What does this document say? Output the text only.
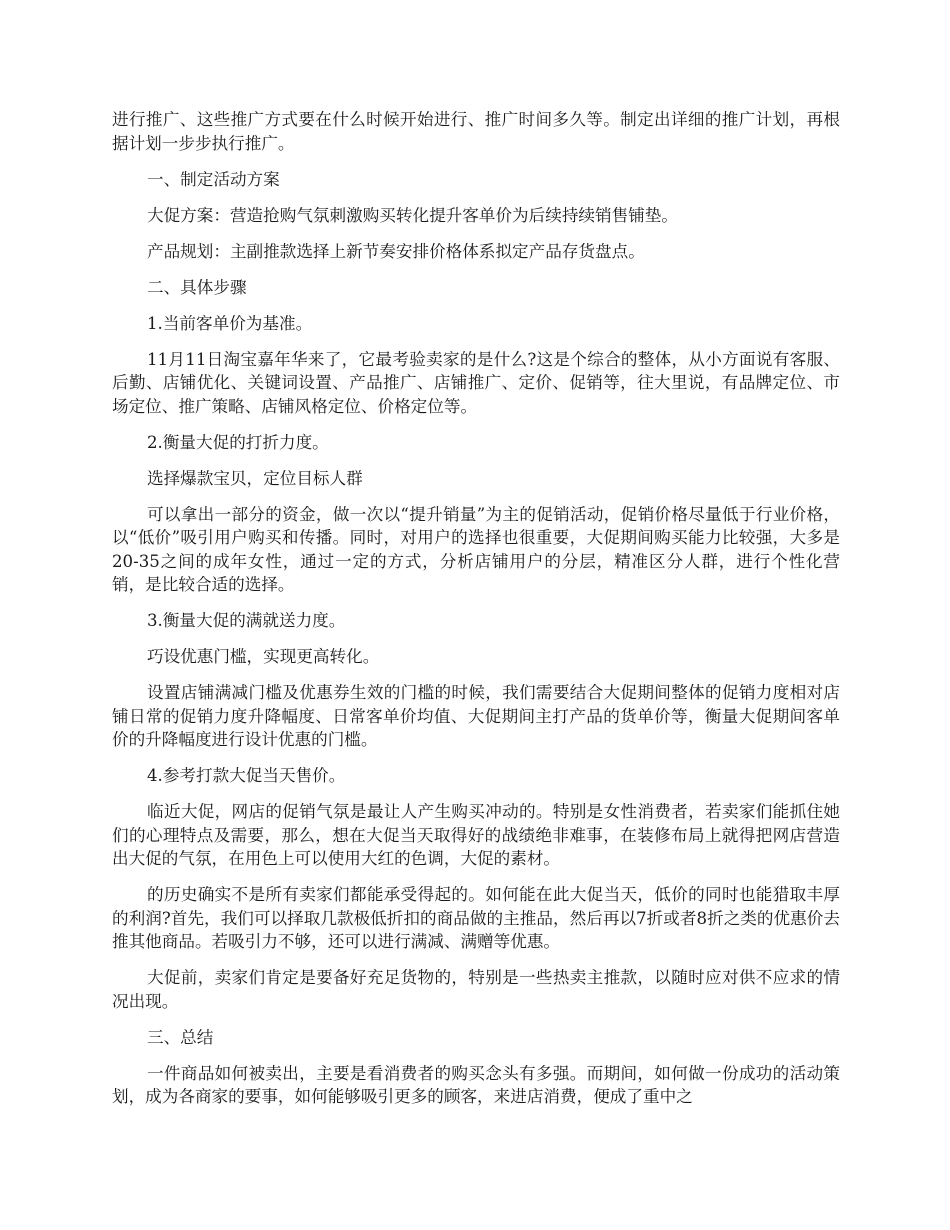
进行推广、这些推广方式要在什么时候开始进行、推广时间多久等。制定出详细的推广计划，再根据计划一步步执行推广。

一、制定活动方案

大促方案：营造抢购气氛刺激购买转化提升客单价为后续持续销售铺垫。

产品规划：主副推款选择上新节奏安排价格体系拟定产品存货盘点。

二、具体步骤

1.当前客单价为基准。

11月11日淘宝嘉年华来了，它最考验卖家的是什么?这是个综合的整体，从小方面说有客服、后勤、店铺优化、关键词设置、产品推广、店铺推广、定价、促销等，往大里说，有品牌定位、市场定位、推广策略、店铺风格定位、价格定位等。

2.衡量大促的打折力度。

选择爆款宝贝，定位目标人群

可以拿出一部分的资金，做一次以“提升销量”为主的促销活动，促销价格尽量低于行业价格，以“低价”吸引用户购买和传播。同时，对用户的选择也很重要，大促期间购买能力比较强，大多是20-35之间的成年女性，通过一定的方式，分析店铺用户的分层，精准区分人群，进行个性化营销，是比较合适的选择。

3.衡量大促的满就送力度。

巧设优惠门槛，实现更高转化。

设置店铺满减门槛及优惠券生效的门槛的时候，我们需要结合大促期间整体的促销力度相对店铺日常的促销力度升降幅度、日常客单价均值、大促期间主打产品的货单价等，衡量大促期间客单价的升降幅度进行设计优惠的门槛。

4.参考打款大促当天售价。

临近大促，网店的促销气氛是最让人产生购买冲动的。特别是女性消费者，若卖家们能抓住她们的心理特点及需要，那么，想在大促当天取得好的战绩绝非难事，在装修布局上就得把网店营造出大促的气氛，在用色上可以使用大红的色调，大促的素材。

的历史确实不是所有卖家们都能承受得起的。如何能在此大促当天，低价的同时也能猎取丰厚的利润?首先，我们可以择取几款极低折扣的商品做的主推品，然后再以7折或者8折之类的优惠价去推其他商品。若吸引力不够，还可以进行满减、满赠等优惠。

大促前，卖家们肯定是要备好充足货物的，特别是一些热卖主推款，以随时应对供不应求的情况出现。

三、总结

一件商品如何被卖出，主要是看消费者的购买念头有多强。而期间，如何做一份成功的活动策划，成为各商家的要事，如何能够吸引更多的顾客，来进店消费，便成了重中之
